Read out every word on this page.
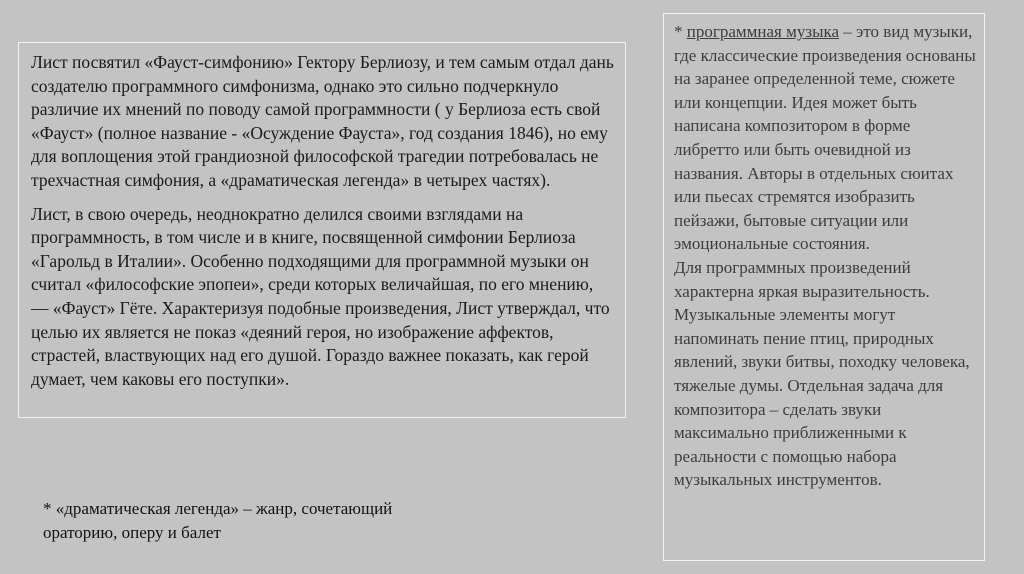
Лист посвятил «Фауст-симфонию» Гектору Берлиозу, и тем самым отдал дань создателю программного симфонизма, однако это сильно подчеркнуло различие их мнений по поводу самой программности ( у Берлиоза есть свой «Фауст» (полное название - «Осуждение Фауста», год создания 1846), но ему для воплощения этой грандиозной философской трагедии потребовалась не трехчастная симфония, а «драматическая легенда» в четырех частях).

Лист, в свою очередь, неоднократно делился своими взглядами на программность, в том числе и в книге, посвященной симфонии Берлиоза «Гарольд в Италии». Особенно подходящими для программной музыки он считал «философские эпопеи», среди которых величайшая, по его мнению, — «Фауст» Гёте. Характеризуя подобные произведения, Лист утверждал, что целью их является не показ «деяний героя, но изображение аффектов, страстей, властвующих над его душой. Гораздо важнее показать, как герой думает, чем каковы его поступки».

* «драматическая легенда» – жанр, сочетающий ораторию, оперу и балет

* программная музыка – это вид музыки, где классические произведения основаны на заранее определенной теме, сюжете или концепции. Идея может быть написана композитором в форме либретто или быть очевидной из названия. Авторы в отдельных сюитах или пьесах стремятся изобразить пейзажи, бытовые ситуации или эмоциональные состояния.

Для программных произведений характерна яркая выразительность. Музыкальные элементы могут напоминать пение птиц, природных явлений, звуки битвы, походку человека, тяжелые думы. Отдельная задача для композитора – сделать звуки максимально приближенными к реальности с помощью набора музыкальных инструментов.
